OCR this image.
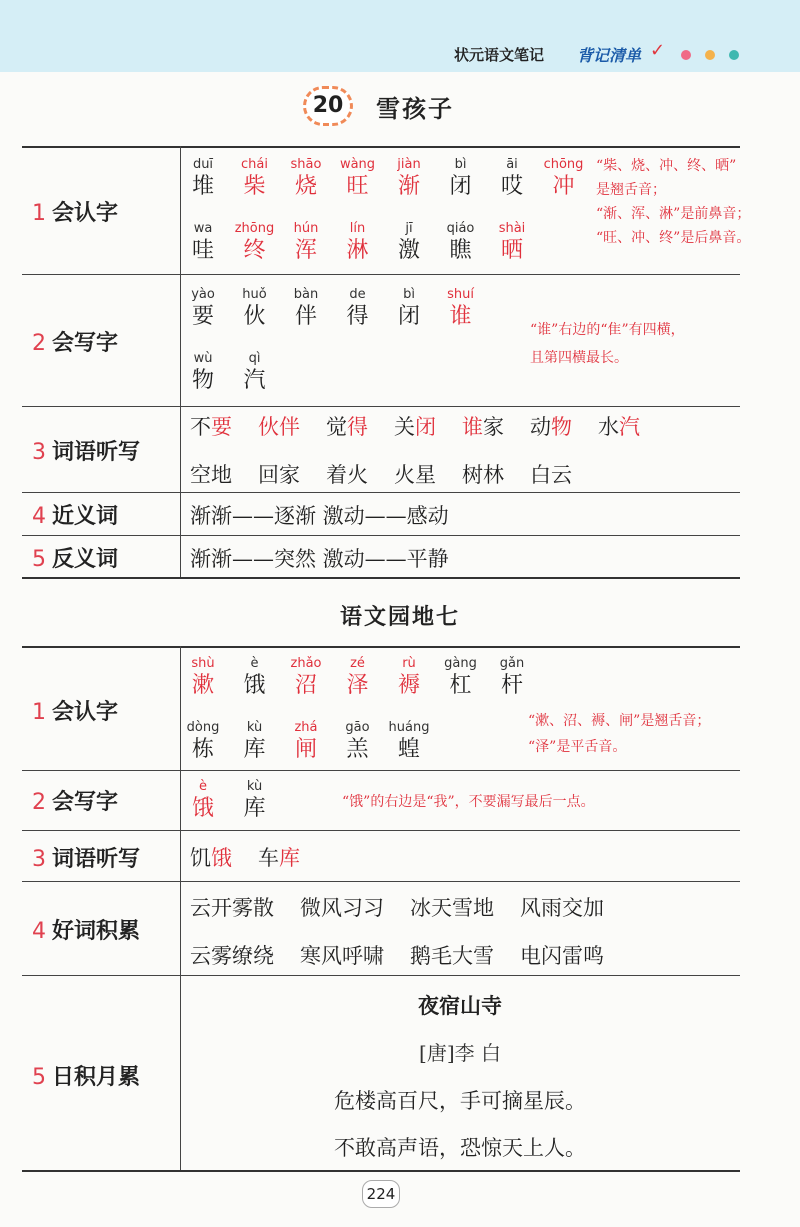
状元语文笔记 背记清单 ✓
20	雪孩子
1 会认字
2 会写字
3 词语听写
4 近义词
5 反义词
duī
堆
chái
柴
shāo
烧
wàng
旺
jiàn
渐
bì
闭
āi
哎
chōng
冲
wa
哇
zhōng
终
hún
浑
lín
淋
jī
激
qiáo
瞧
shài
晒
yào
要
huǒ
伙
bàn
伴
de
得
bì
闭
shuí
谁
wù
物
qì
汽
shù
漱
è
饿
zhǎo
沼
zé
泽
rù
褥
gàng
杠
gǎn
杆
dòng
栋
kù
库
zhá
闸
gāo
羔
huáng
蝗
è
饿
kù
库
“柴、烧、冲、终、晒”
是翘舌音；
“渐、浑、淋”是前鼻音；
“旺、冲、终”是后鼻音。
“谁”右边的“隹”有四横，
且第四横最长。
不要 伙伴 觉得 关闭 谁家 动物 水汽
空地 回家 着火 火星 树林 白云
渐渐——逐渐 激动——感动
渐渐——突然 激动——平静
语文园地七
1 会认字
2 会写字
3 词语听写
4 好词积累
5 日积月累
“漱、沼、褥、闸”是翘舌音；
“泽”是平舌音。
“饿”的右边是“我”，不要漏写最后一点。
饥饿 车库
云开雾散 微风习习 冰天雪地 风雨交加
云雾缭绕 寒风呼啸 鹅毛大雪 电闪雷鸣
夜宿山寺
[唐]李 白
危楼高百尺，手可摘星辰。
不敢高声语，恐惊天上人。
224
